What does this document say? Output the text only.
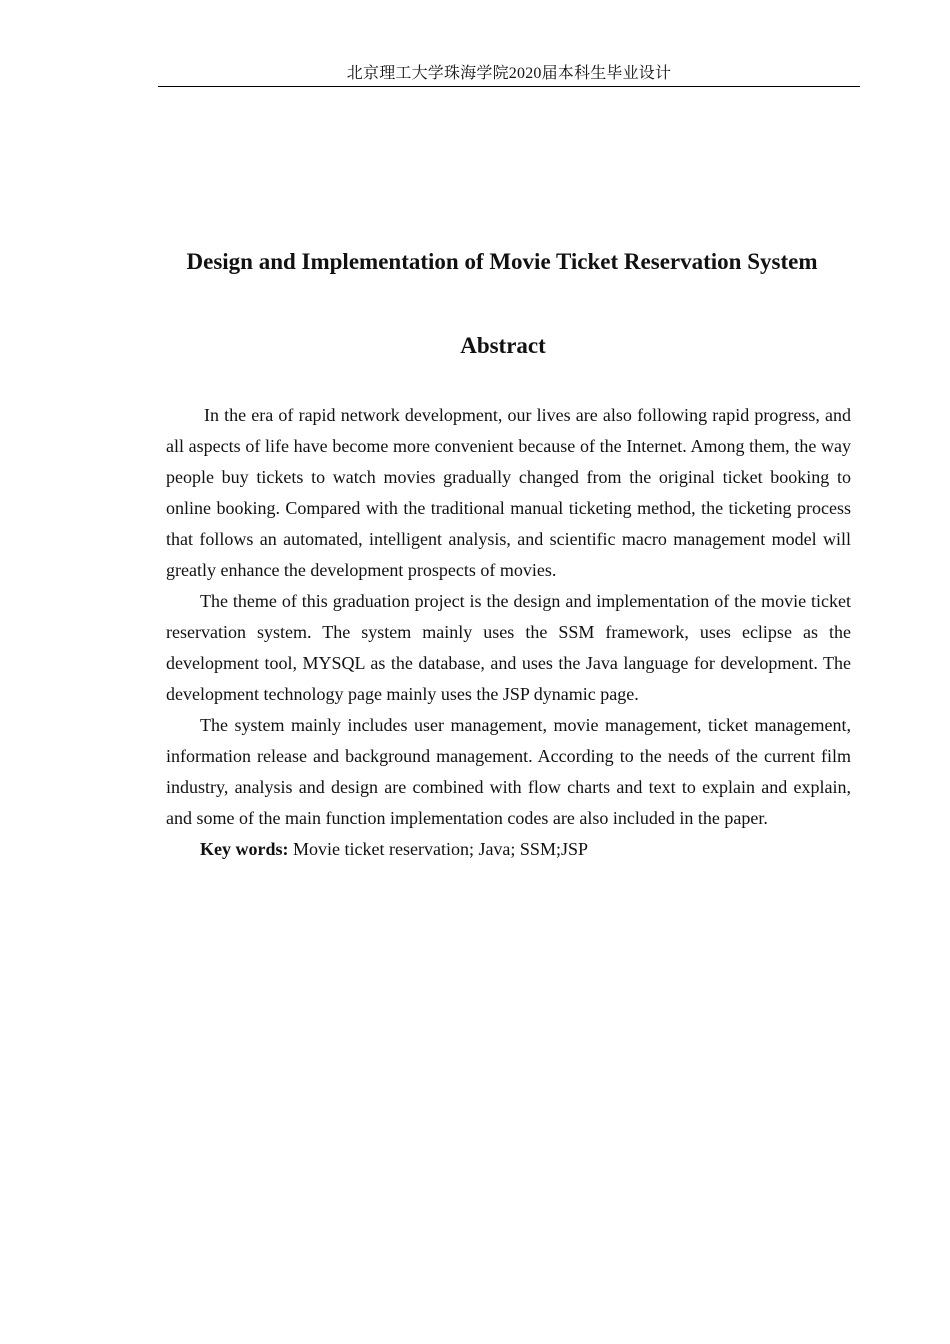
北京理工大学珠海学院2020届本科生毕业设计
Design and Implementation of Movie Ticket Reservation System
Abstract

In the era of rapid network development, our lives are also following rapid progress, and all aspects of life have become more convenient because of the Internet. Among them, the way people buy tickets to watch movies gradually changed from the original ticket booking to online booking. Compared with the traditional manual ticketing method, the ticketing process that follows an automated, intelligent analysis, and scientific macro management model will greatly enhance the development prospects of movies.

The theme of this graduation project is the design and implementation of the movie ticket reservation system. The system mainly uses the SSM framework, uses eclipse as the development tool, MYSQL as the database, and uses the Java language for development. The development technology page mainly uses the JSP dynamic page.

The system mainly includes user management, movie management, ticket management, information release and background management. According to the needs of the current film industry, analysis and design are combined with flow charts and text to explain and explain, and some of the main function implementation codes are also included in the paper.

Key words: Movie ticket reservation; Java; SSM;JSP
